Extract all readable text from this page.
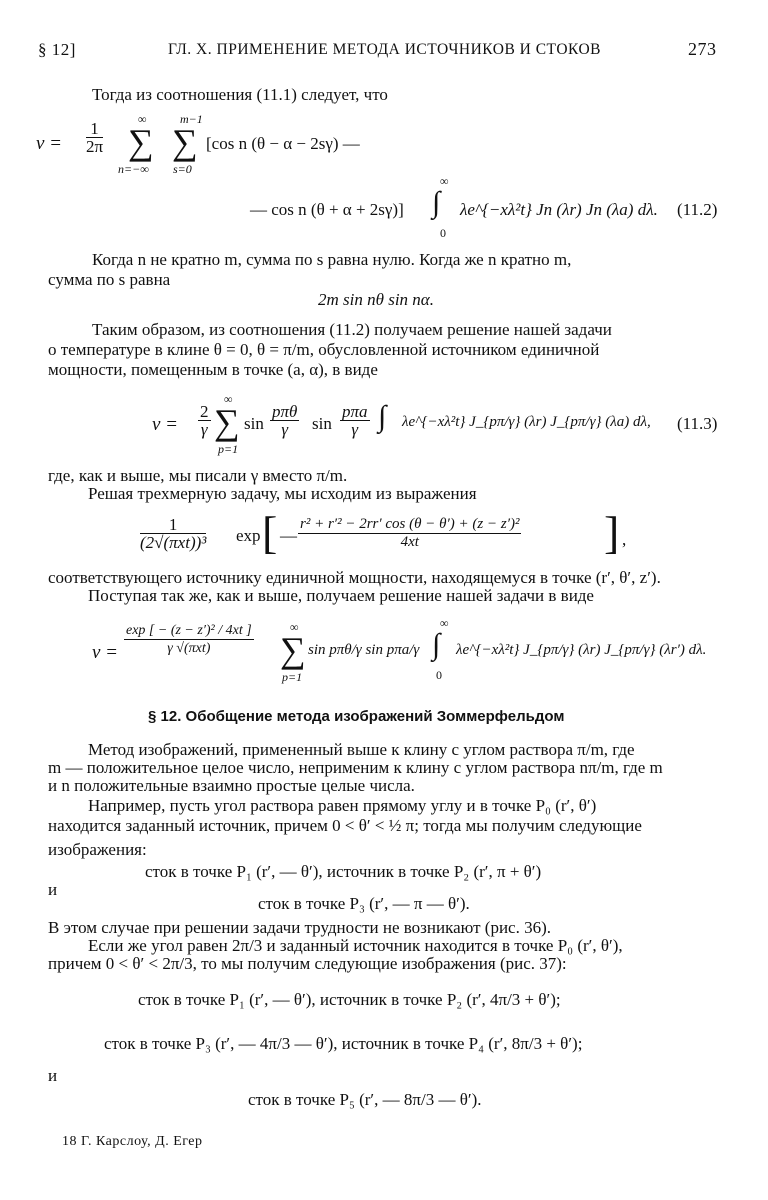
§ 12]	ГЛ. X. ПРИМЕНЕНИЕ МЕТОДА ИСТОЧНИКОВ И СТОКОВ	273
Тогда из соотношения (11.1) следует, что
$v = \frac{1}{2\pi}$
∞
∑
n=−∞
m−1
∑
s=0
[cos n (θ − α − 2sγ) —
— cos n (θ + α + 2sγ)]
∞
∫
0
λe^{−xλ²t} Jn (λr) Jn (λa) dλ. (11.2)
Когда n не кратно m, сумма по s равна нулю. Когда же n кратно m,
сумма по s равна
2m sin nθ sin nα.
Таким образом, из соотношения (11.2) получаем решение нашей задачи
о температуре в клине θ = 0, θ = π/m, обусловленной источником единичной
мощности, помещенным в точке (a, α), в виде
$v = \frac{2}{\gamma}$
∞
∑
p=1
$\sin \frac{\text{pπθ}}{\gamma}$ $\sin \frac{\text{pπa}}{\gamma}$ ∫ λe^{−xλ²t} J_{pπ/γ} (λr) J_{pπ/γ} (λa) dλ, (11.3)
где, как и выше, мы писали γ вместо π/m.
Решая трехмерную задачу, мы исходим из выражения
$\frac{1}{\text{(2√(πxt))³}}$ exp [ — $\frac{\text{r² + r′² − 2rr′ cos (θ − θ′) + (z − z′)²}}{4xt}$ ] ,
соответствующего источнику единичной мощности, находящемуся в точке (r′, θ′, z′).
Поступая так же, как и выше, получаем решение нашей задачи в виде
$v = \frac{\text{exp [ − (z − z′)² / 4xt ]}}{\text{γ √(πxt)}}$	∞
∑
p=1
sin pπθ/γ sin pπa/γ
∞
∫
0
λe^{−xλ²t} J_{pπ/γ} (λr) J_{pπ/γ} (λr′) dλ.
§ 12. Обобщение метода изображений Зоммерфельдом
Метод изображений, примененный выше к клину с углом раствора π/m, где
m — положительное целое число, неприменим к клину с углом раствора nπ/m, где m
и n положительные взаимно простые целые числа.
Например, пусть угол раствора равен прямому углу и в точке P₀ (r′, θ′)
находится заданный источник, причем 0 < θ′ < ½ π; тогда мы получим следующие
изображения:
сток в точке P₁ (r′, — θ′), источник в точке P₂ (r′, π + θ′)
и
сток в точке P₃ (r′, — π — θ′).
В этом случае при решении задачи трудности не возникают (рис. 36).
Если же угол равен 2π/3 и заданный источник находится в точке P₀ (r′, θ′),
причем 0 < θ′ < 2π/3, то мы получим следующие изображения (рис. 37):
сток в точке P₁ (r′, — θ′), источник в точке P₂ (r′, 4π/3 + θ′);
сток в точке P₃ (r′, — 4π/3 — θ′), источник в точке P₄ (r′, 8π/3 + θ′);
и
сток в точке P₅ (r′, — 8π/3 — θ′).
18 Г. Карслоу, Д. Егер
